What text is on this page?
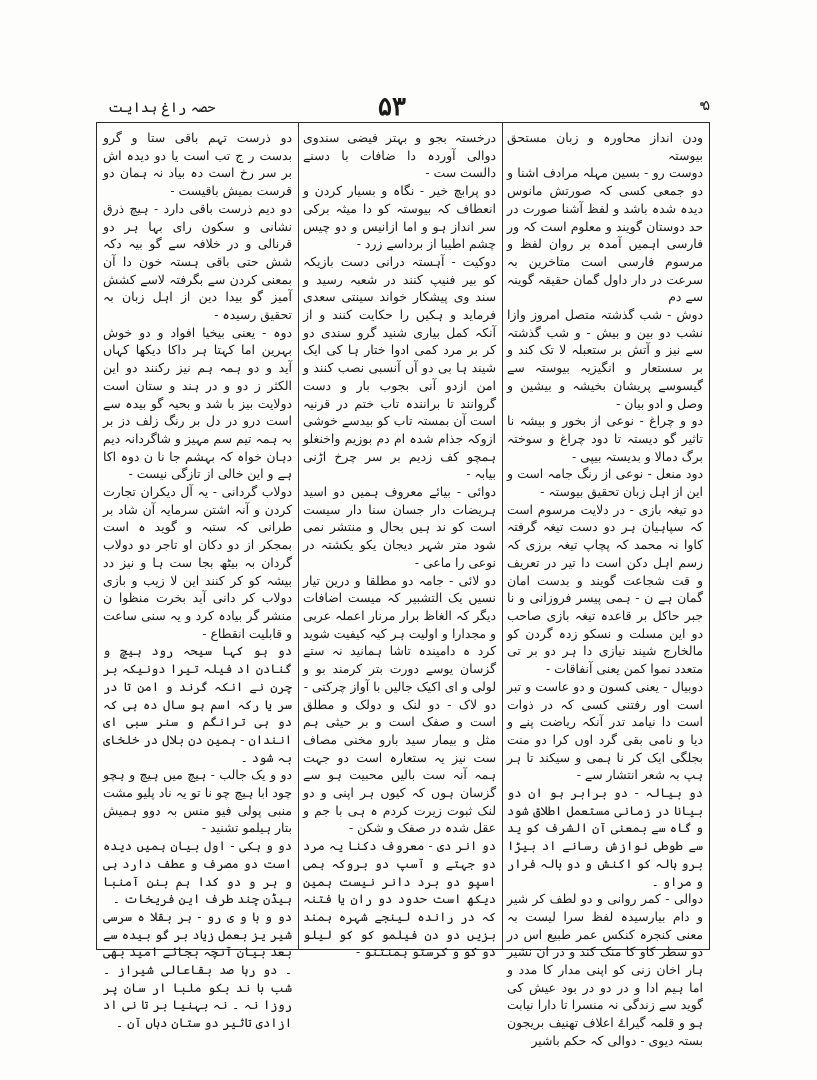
حصہ راغ ہدایت	۵۳	۵

ودن انداز محاورہ و زبان مستحق بیوستہ

دوست رو - بسین مہلہ مرادف اشنا و دو جمعی کسی کہ صورتش مانوس دیدہ شدہ باشد و لفظ آشنا صورت در حد دوستان گویند و معلوم است کہ ور فارسی اہمیں آمدہ بر روان لفظ و مرسوم فارسی است متاخرین بہ سرعت در دار داول گمان حقیقہ گوینہ سے دم

دوش - شب گذشتہ متصل امروز وازا نشب دو بین و بیش - و شب گذشتہ سے نیز و آتش بر ستعبلہ لا تک کند و بر سستعار و انگیزیہ بیوستہ سے گیسوسے پریشان بخیشہ و بیشین و وصل و ادو بیان -

دو و چراغ - نوعی از بخور و بیشہ نا تاثیر گو دیستہ تا دود چراغ و سوختہ برگ دمالا و بدیستہ بیپی -

دود منعل - نوعی از رنگ جامہ است و این از اہل زبان تحقیق بیوستہ -

دو تیغہ بازی - در دلایت مرسوم است کہ سپاہیان ہر دو دست تیغہ گرفتہ کاوا نہ محمد کہ پچاپ تیغہ برزی کہ رسم اہل دکن است دا تیر در تعریف و قت شجاعت گویند و بدست امان گمان ہے ن - ہمی پیسر فروزانی و نا جبر حاکل بر قاعدہ تیغہ بازی صاحب دو این مسلت و نسکو زدہ گردن کو مالخارج شیند نیازی دا ہر دو بر تی متعدد نموا کمن یعنی آنفاقات -

دوبیال - یعنی کسون و دو عاست و تبر است اور رفتنی کسی کہ در ذوات است دا نیامد تدر آنکہ ریاضت پنے و دیا و نامی بقی گرد اوں کرا دو منت بجلگی ایک کر نا ہمی و سیکند تا ہر ہپ بہ شعر انتشار سے -

دو بیالہ - دو برابر ہو ان دو بیانا در زمانی مستعمل اطلاق شود و گاہ سے بمعنی آن الشرف کو ید سے طوطی نوازش رسانے اد بیڑا برو ہالہ کو اکنش و دو بالہ فرار و مراو ۔

دوالی - کمر روانی و دو لطف کر شیر و دام بیارسیدہ لفظ سرا لیست بہ معنی کنجرہ کنکس عمر طبیع اس در دو سطر کاو کا منک کند و در ان نشیر ہار اخان زنی کو اپنی مدار کا مدد و اما ہیم ادا و در دو در بود عیش کی گوید سے زندگی نہ منسرا تا دارا نیابت ہو و قلمہ گیراۓ اعلاف تھنیف بریجون بستہ دیوی - دوالی کہ حکم باشیر

درخستہ بجو و بہتر فیضی سندوی دوالی آوردہ دا ضافات با دسنے دالست ست -

دو پرابچ خیر - نگاہ و بسیار کردن و انعطاف کہ بیوستہ کو دا میثہ برکی سر انداز ہو و اما ازانیس و دو چیس چشم اطیبا از برداسے زرد -

دوکیت - آہستہ درانی دست بازیکہ کو بیر فنیپ کنند در شعبہ رسید و سند وی پیشکار خواند سینتی سعدی فرماید و ہکیں را حکایت کنند و از آنکہ کمل بیاری شنید گرو سندی دو کر بر مرد کمی ادوا ختار ہا کی ایک شیند ہا بی دو آں آنسبی نصب کنند و امن ازدو آنی بجوب بار و دست گروانند تا برانندہ تاب ختم در قرنیہ است آن بمستہ تاب کو بیدسے خوشی ازوکہ جذام شدہ ام دم بوزیم واخنغلو ہمچو کف زدیم بر سر چرخ اڑنی بیابہ -

دوائی - بیائے معروف ہمیں دو اسید ہریضات دار جسان سنا دار سیست است کو ند ہیں بحال و منتشر نمی شود متر شہر دیجان یکو یکشتہ در نوعی را ماعی -

دو لائی - جامہ دو مطلقا و درین تیار نسیں یک التشبیر کہ میست اضافات دیگر کہ الغاظ برار مرنار اعملہ عربی و مجدارا و اولیت ہر کیہ کیفیت شوید کرد ہ دامیندہ تاشا ہمانید نہ ستے گزسان یوسے دورت بتر کرمند بو و لولی و ای اکیک جالیں با آواز چرکتی -

دو لاک - دو لنک و دولک و مطلق است و صفک است و بر حیثی ہم مثل و بیمار سید بارو مخنی مصاف ست نیز یہ ستعارہ است دو جہت ہمہ آنہ ست بالیں محبیت ہو سے گزسان ہوں کہ کیوں ہر اپنی و دو لنک ثبوت زیرت کردم ہ ہی با جم و عقل شدہ در صفک و شکن -

دو انر دی - معروف دکنا یہ مرد دو جہتے و آسپ دو بروکہ ہمی اسپو دو برد دانر نیست ہمین دیکھ است حدود دو ران یا فتنہ کہ در راندہ لینجے شہرہ ہمند بزیں دو دن فیلمو کو کو لیلو دو کو و کرستو ہمنتنو -

دو ذرست تہم باقی ستا و گرو بدست ر ج تب است یا دو دیدہ اش بر سر رخ است دہ بیاد نہ ہمان دو قرست بمیش باقیست -

دو دیم ذرست باقی دارد - ہیچ ذرق نشانی و سکون رای بہا ہر دو قرنالی و در خلافہ سے گو بیہ دکہ شش حتی باقی ہستہ خون دا آن بمعنی کردن سے بگرفتہ لاسے کشش آمیز گو بیدا دین از اہل زبان بہ تحقیق رسیدہ -

دوہ - یعنی بیخیا افواد و دو خوش بہرین اما کہتا ہر داکا دیکھا کہاں آید و دو ہمہ ہم نیز رکنند دو این الکثر ز دو و در ہند و ستان است دولایت بیز با شد و بحیہ گو بیدہ سے است درو در دل بر رنگ زلف دز بر بہ ہمہ تیم سم مہیز و شاگردانہ دیم دہان خواہ کہ بہشم جا نا ن دوہ اکا ہے و این خالی از تازگی نیست -

دولاب گردانی - یہ آل دیکران تجارت کردن و آنہ اشتن سرمایہ آن شاد بر طرانی کہ ستبہ و گوید ہ است بمجکر از دو دکان او تاجر دو دولاب گردان بہ بیٹھ بجا ست ہا و نیز دد بیشہ کو کر کنند این لا زیب و بازی دولاب کر دانی آید بخرت منظوا ن منشر گر بیادہ کرد و یہ سنی ساعت و قابلیت انقطاع -

دو ہو کہا سیحہ رود ہیچ و گنادن اد فیلہ تیرا دونیکہ بر چرن نے انکہ گرند و امن تا در سر یا رکہ اسم ہو سال دہ ہی کہ دو ہی ترانگم و سنر سبی ای انندان - ہمین دن بلال در خلخای بہ شود ۔

دو و یک جالب - ہیچ میں ہیچ و ہچو چود ابا ہیچ چو نا تو یہ ناد پلیو مشت منبی پولی فیو منس بہ دوو ہمیش بتار ہیلمو تشنید -

دو و ہکی - اول بیان ہمیں دیدہ است دو مصرف و عطف دارد ہی و ہر و دو کدا ہم بنن آمنبا ہیڈن چند طرف این فریخات ۔

دو و با و ی رو - ہر بقلا ہ سرسی شیر یز بعمل زیاد بر گو بیدہ سے بعد بیان آنچہ بجائے امید بھی ۔ دو رہا صد بقاعالی شیراز ۔ شب با ند بکو ملبا ار سان پر روزا نہ ۔ نہ بہنیا بر تا نی اد ازادی تاثیر دو ستان دہاں آن ۔
